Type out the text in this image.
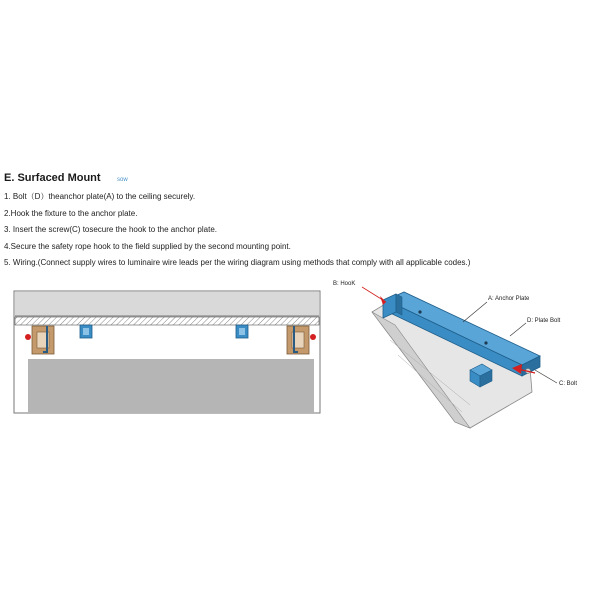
E. Surfaced Mount	sow
1. Bolt（D）theanchor plate(A) to the ceiling securely.
2.Hook the fixture to the anchor plate.
3. Insert the screw(C) tosecure the hook to the anchor plate.
4.Secure the safety rope hook to the field supplied by the second mounting point.
5. Wiring.(Connect supply wires to luminaire wire leads per the wiring diagram using methods that comply with all applicable codes.)
B: HooK
A: Anchor Plate
D: Plate Bolt
C: Bolt
